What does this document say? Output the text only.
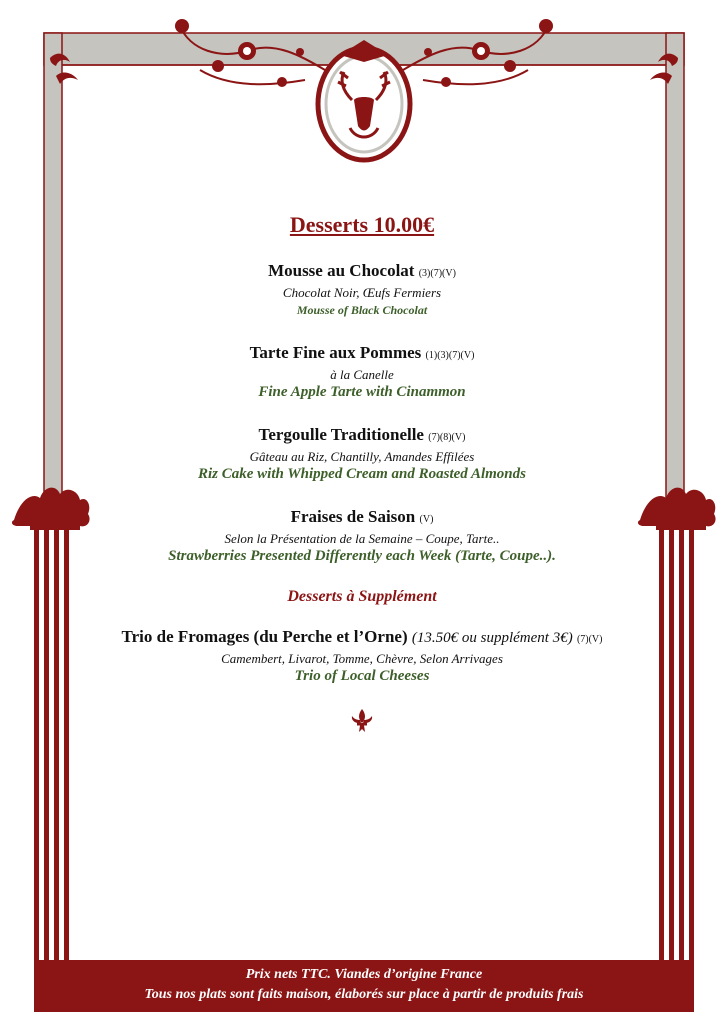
Desserts 10.00€
Mousse au Chocolat (3)(7)(V)
Chocolat Noir, Œufs Fermiers
Mousse of Black Chocolat
Tarte Fine aux Pommes (1)(3)(7)(V)
à la Canelle
Fine Apple Tarte with Cinammon
Tergoulle Traditionelle (7)(8)(V)
Gâteau au Riz, Chantilly, Amandes Effilées
Riz Cake with Whipped Cream and Roasted Almonds
Fraises de Saison (V)
Selon la Présentation de la Semaine – Coupe, Tarte..
Strawberries Presented Differently each Week (Tarte, Coupe..).
Desserts à Supplément
Trio de Fromages (du Perche et l’Orne) (13.50€ ou supplément 3€) (7)(V)
Camembert, Livarot, Tomme, Chèvre, Selon Arrivages
Trio of Local Cheeses
Prix nets TTC. Viandes d’origine France
Tous nos plats sont faits maison, élaborés sur place à partir de produits frais
